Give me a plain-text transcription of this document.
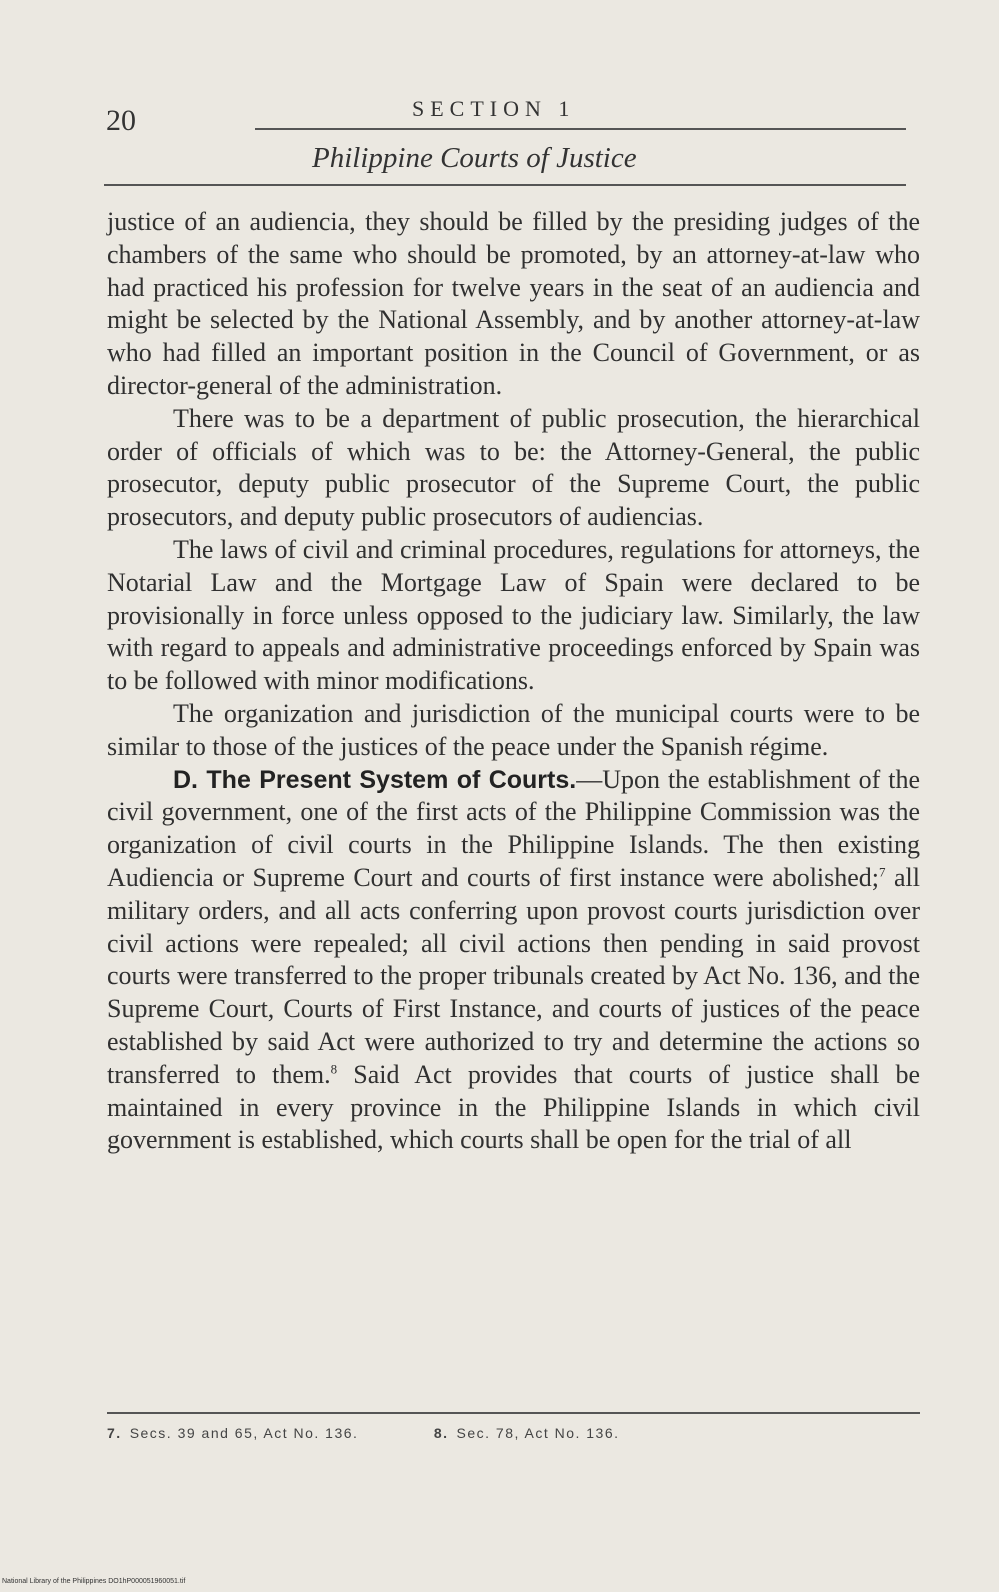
20	SECTION 1
Philippine Courts of Justice

justice of an audiencia, they should be filled by the presiding judges of the chambers of the same who should be promoted, by an attorney-at-law who had practiced his profession for twelve years in the seat of an audiencia and might be selected by the National Assembly, and by another attorney-at-law who had filled an important position in the Council of Government, or as director-general of the administration.

There was to be a department of public prosecution, the hierarchical order of officials of which was to be: the Attorney-General, the public prosecutor, deputy public prosecutor of the Supreme Court, the public prosecutors, and deputy public prosecutors of audiencias.

The laws of civil and criminal procedures, regulations for attorneys, the Notarial Law and the Mortgage Law of Spain were declared to be provisionally in force unless opposed to the judiciary law. Similarly, the law with regard to appeals and administrative proceedings enforced by Spain was to be followed with minor modifications.

The organization and jurisdiction of the municipal courts were to be similar to those of the justices of the peace under the Spanish régime.

D. The Present System of Courts.—Upon the establishment of the civil government, one of the first acts of the Philippine Commission was the organization of civil courts in the Philippine Islands. The then existing Audiencia or Supreme Court and courts of first instance were abolished;$^7$ all military orders, and all acts conferring upon provost courts jurisdiction over civil actions were repealed; all civil actions then pending in said provost courts were transferred to the proper tribunals created by Act No. 136, and the Supreme Court, Courts of First Instance, and courts of justices of the peace established by said Act were authorized to try and determine the actions so transferred to them.$^8$ Said Act provides that courts of justice shall be maintained in every province in the Philippine Islands in which civil government is established, which courts shall be open for the trial of all

7. Secs. 39 and 65, Act No. 136.	8. Sec. 78, Act No. 136.
National Library of the Philippines DO1hP000051960051.tif
